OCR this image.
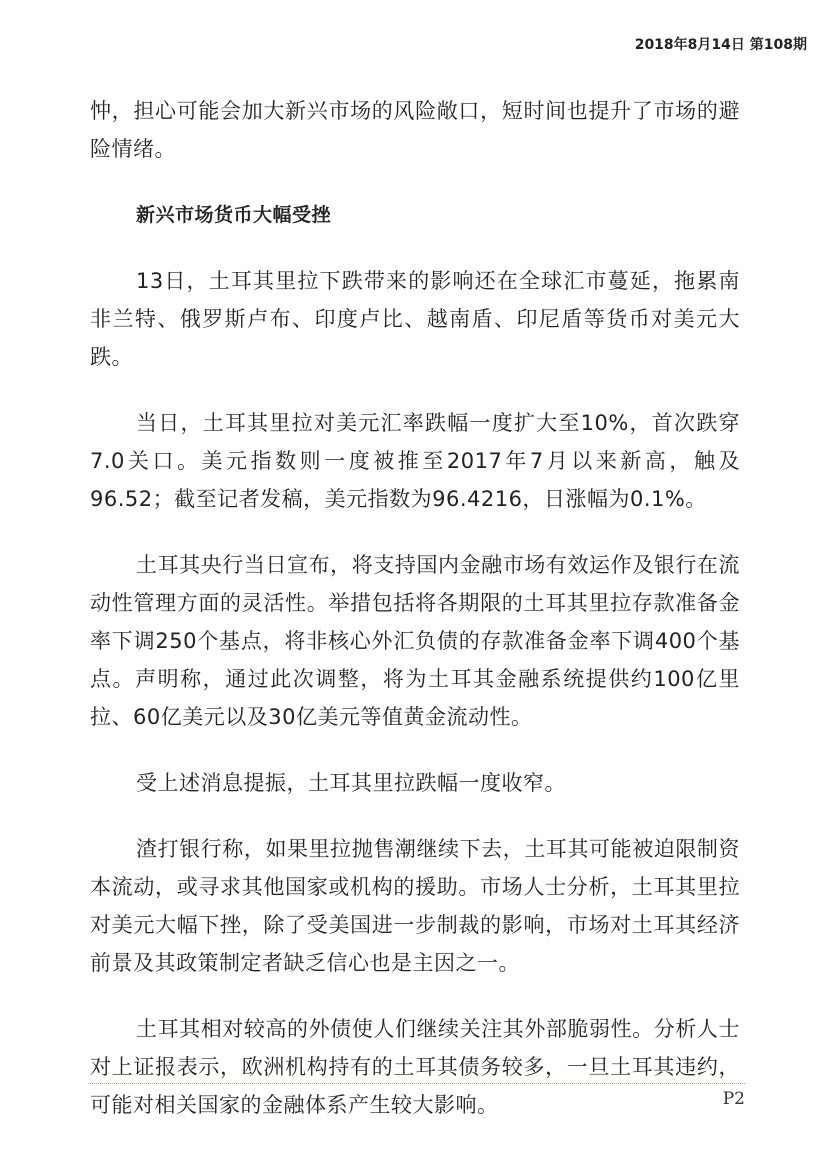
2018年8月14日 第108期

忡，担心可能会加大新兴市场的风险敞口，短时间也提升了市场的避险情绪。

新兴市场货币大幅受挫

13日，土耳其里拉下跌带来的影响还在全球汇市蔓延，拖累南非兰特、俄罗斯卢布、印度卢比、越南盾、印尼盾等货币对美元大跌。

当日，土耳其里拉对美元汇率跌幅一度扩大至10%，首次跌穿7.0关口。美元指数则一度被推至2017年7月以来新高，触及96.52；截至记者发稿，美元指数为96.4216，日涨幅为0.1%。

土耳其央行当日宣布，将支持国内金融市场有效运作及银行在流动性管理方面的灵活性。举措包括将各期限的土耳其里拉存款准备金率下调250个基点，将非核心外汇负债的存款准备金率下调400个基点。声明称，通过此次调整，将为土耳其金融系统提供约100亿里拉、60亿美元以及30亿美元等值黄金流动性。

受上述消息提振，土耳其里拉跌幅一度收窄。

渣打银行称，如果里拉抛售潮继续下去，土耳其可能被迫限制资本流动，或寻求其他国家或机构的援助。市场人士分析，土耳其里拉对美元大幅下挫，除了受美国进一步制裁的影响，市场对土耳其经济前景及其政策制定者缺乏信心也是主因之一。

土耳其相对较高的外债使人们继续关注其外部脆弱性。分析人士对上证报表示，欧洲机构持有的土耳其债务较多，一旦土耳其违约，可能对相关国家的金融体系产生较大影响。	P2
